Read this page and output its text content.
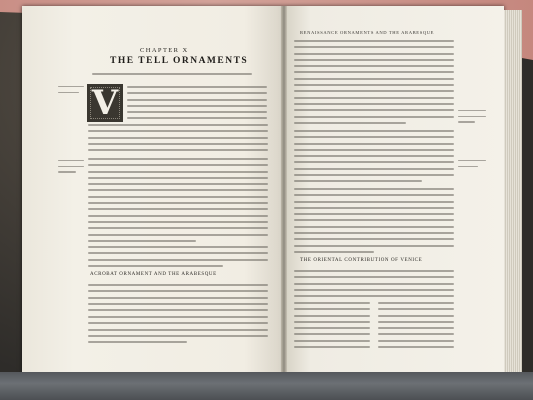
CHAPTER X
THE TELL ORNAMENTS
V
ACROBAT ORNAMENT AND THE ARABESQUE
RENAISSANCE ORNAMENTS AND THE ARABESQUE
THE ORIENTAL CONTRIBUTION OF VENICE
